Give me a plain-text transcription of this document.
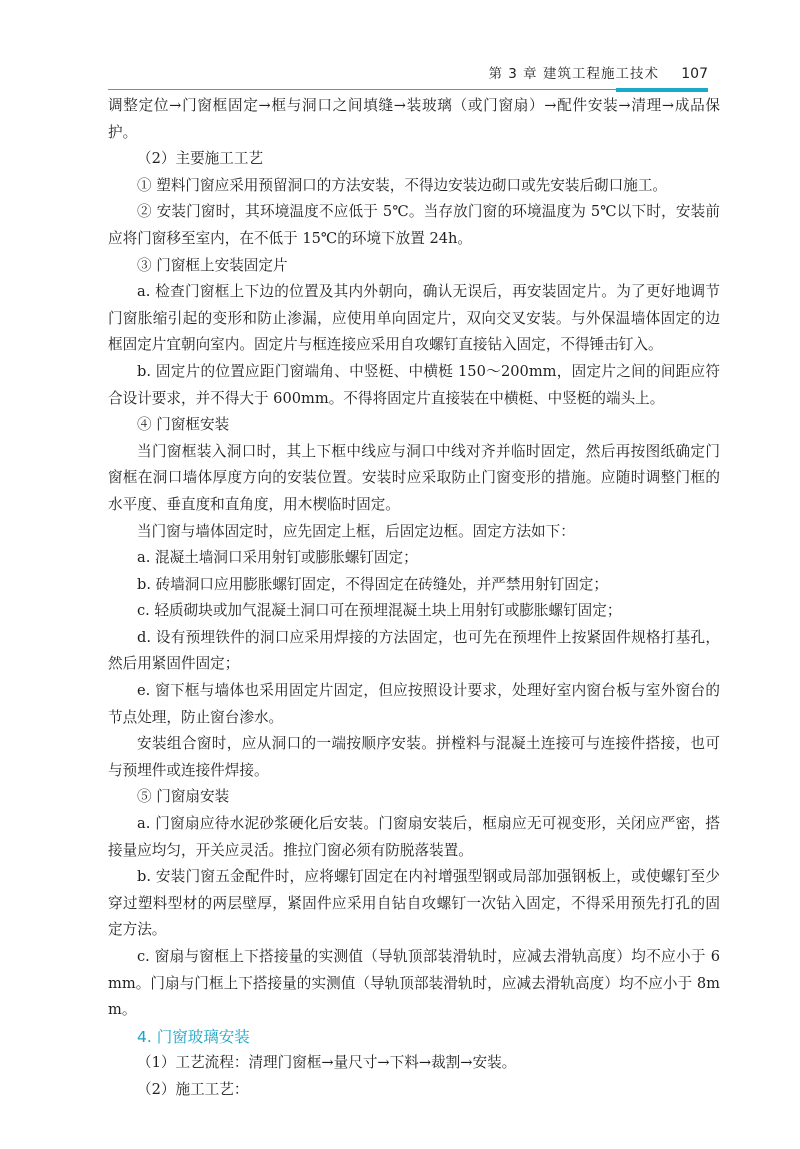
第 3 章 建筑工程施工技术 107

调整定位→门窗框固定→框与洞口之间填缝→装玻璃（或门窗扇）→配件安装→清理→成品保护。

（2）主要施工工艺

① 塑料门窗应采用预留洞口的方法安装，不得边安装边砌口或先安装后砌口施工。

② 安装门窗时，其环境温度不应低于 5℃。当存放门窗的环境温度为 5℃以下时，安装前应将门窗移至室内，在不低于 15℃的环境下放置 24h。

③ 门窗框上安装固定片

a. 检查门窗框上下边的位置及其内外朝向，确认无误后，再安装固定片。为了更好地调节门窗胀缩引起的变形和防止渗漏，应使用单向固定片，双向交叉安装。与外保温墙体固定的边框固定片宜朝向室内。固定片与框连接应采用自攻螺钉直接钻入固定，不得锤击钉入。

b. 固定片的位置应距门窗端角、中竖梃、中横梃 150～200mm，固定片之间的间距应符合设计要求，并不得大于 600mm。不得将固定片直接装在中横梃、中竖梃的端头上。

④ 门窗框安装

当门窗框装入洞口时，其上下框中线应与洞口中线对齐并临时固定，然后再按图纸确定门窗框在洞口墙体厚度方向的安装位置。安装时应采取防止门窗变形的措施。应随时调整门框的水平度、垂直度和直角度，用木楔临时固定。

当门窗与墙体固定时，应先固定上框，后固定边框。固定方法如下：

a. 混凝土墙洞口采用射钉或膨胀螺钉固定；

b. 砖墙洞口应用膨胀螺钉固定，不得固定在砖缝处，并严禁用射钉固定；

c. 轻质砌块或加气混凝土洞口可在预埋混凝土块上用射钉或膨胀螺钉固定；

d. 设有预埋铁件的洞口应采用焊接的方法固定，也可先在预埋件上按紧固件规格打基孔，然后用紧固件固定；

e. 窗下框与墙体也采用固定片固定，但应按照设计要求，处理好室内窗台板与室外窗台的节点处理，防止窗台渗水。

安装组合窗时，应从洞口的一端按顺序安装。拼樘料与混凝土连接可与连接件搭接，也可与预埋件或连接件焊接。

⑤ 门窗扇安装

a. 门窗扇应待水泥砂浆硬化后安装。门窗扇安装后，框扇应无可视变形，关闭应严密，搭接量应均匀，开关应灵活。推拉门窗必须有防脱落装置。

b. 安装门窗五金配件时，应将螺钉固定在内衬增强型钢或局部加强钢板上，或使螺钉至少穿过塑料型材的两层壁厚，紧固件应采用自钻自攻螺钉一次钻入固定，不得采用预先打孔的固定方法。

c. 窗扇与窗框上下搭接量的实测值（导轨顶部装滑轨时，应减去滑轨高度）均不应小于 6mm。门扇与门框上下搭接量的实测值（导轨顶部装滑轨时，应减去滑轨高度）均不应小于 8mm。

4. 门窗玻璃安装

（1）工艺流程：清理门窗框→量尺寸→下料→裁割→安装。

（2）施工工艺：
